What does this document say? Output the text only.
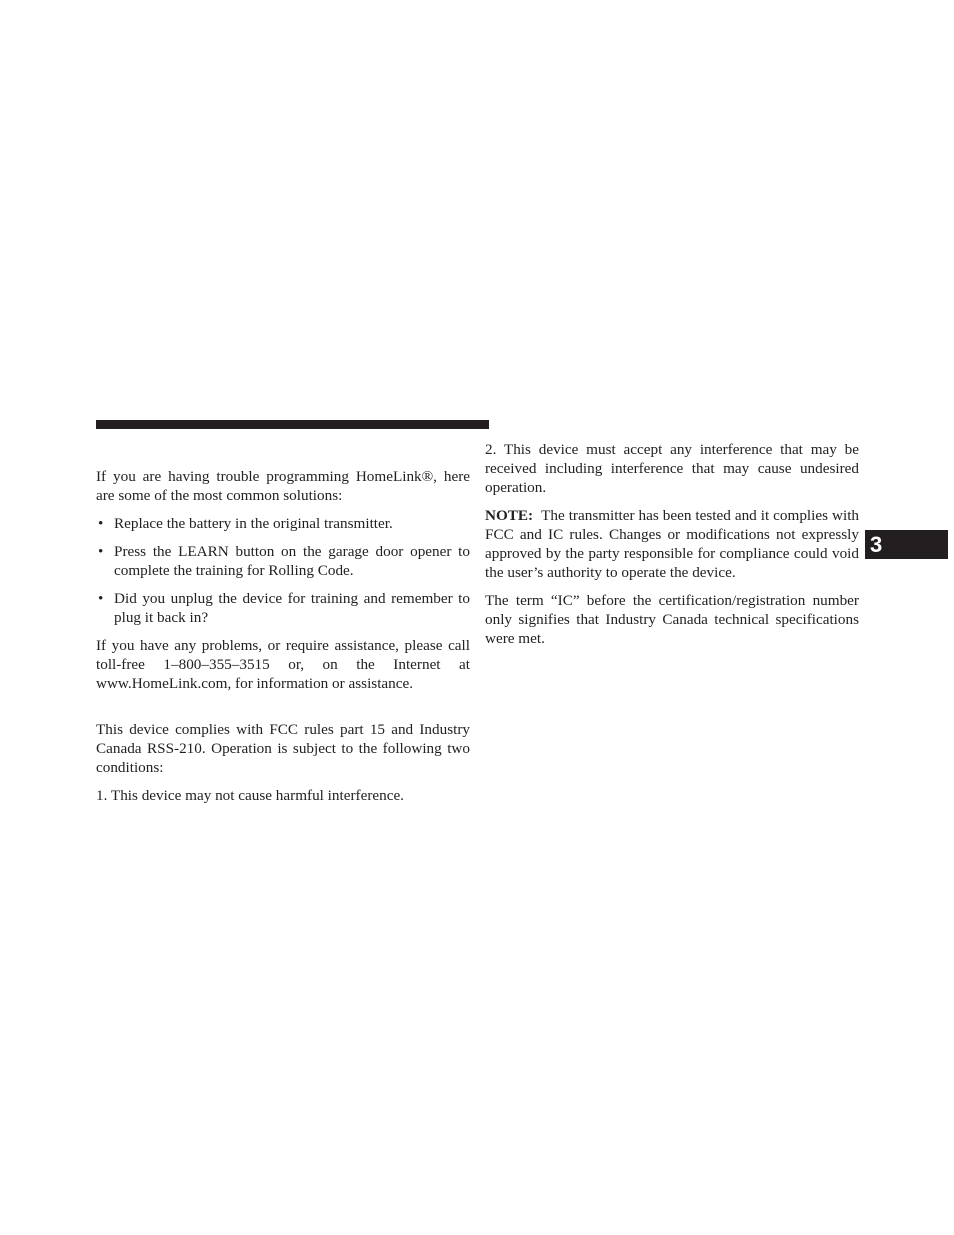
If you are having trouble programming HomeLink®, here are some of the most common solutions:

• Replace the battery in the original transmitter.
• Press the LEARN button on the garage door opener to complete the training for Rolling Code.
• Did you unplug the device for training and remember to plug it back in?

If you have any problems, or require assistance, please call toll-free 1–800–355–3515 or, on the Internet at www.HomeLink.com, for information or assistance.

This device complies with FCC rules part 15 and Industry Canada RSS-210. Operation is subject to the following two conditions:

1. This device may not cause harmful interference.

2. This device must accept any interference that may be received including interference that may cause undesired operation.

NOTE: The transmitter has been tested and it complies with FCC and IC rules. Changes or modifications not expressly approved by the party responsible for compliance could void the user’s authority to operate the device.

The term “IC” before the certification/registration number only signifies that Industry Canada technical specifications were met.

3
